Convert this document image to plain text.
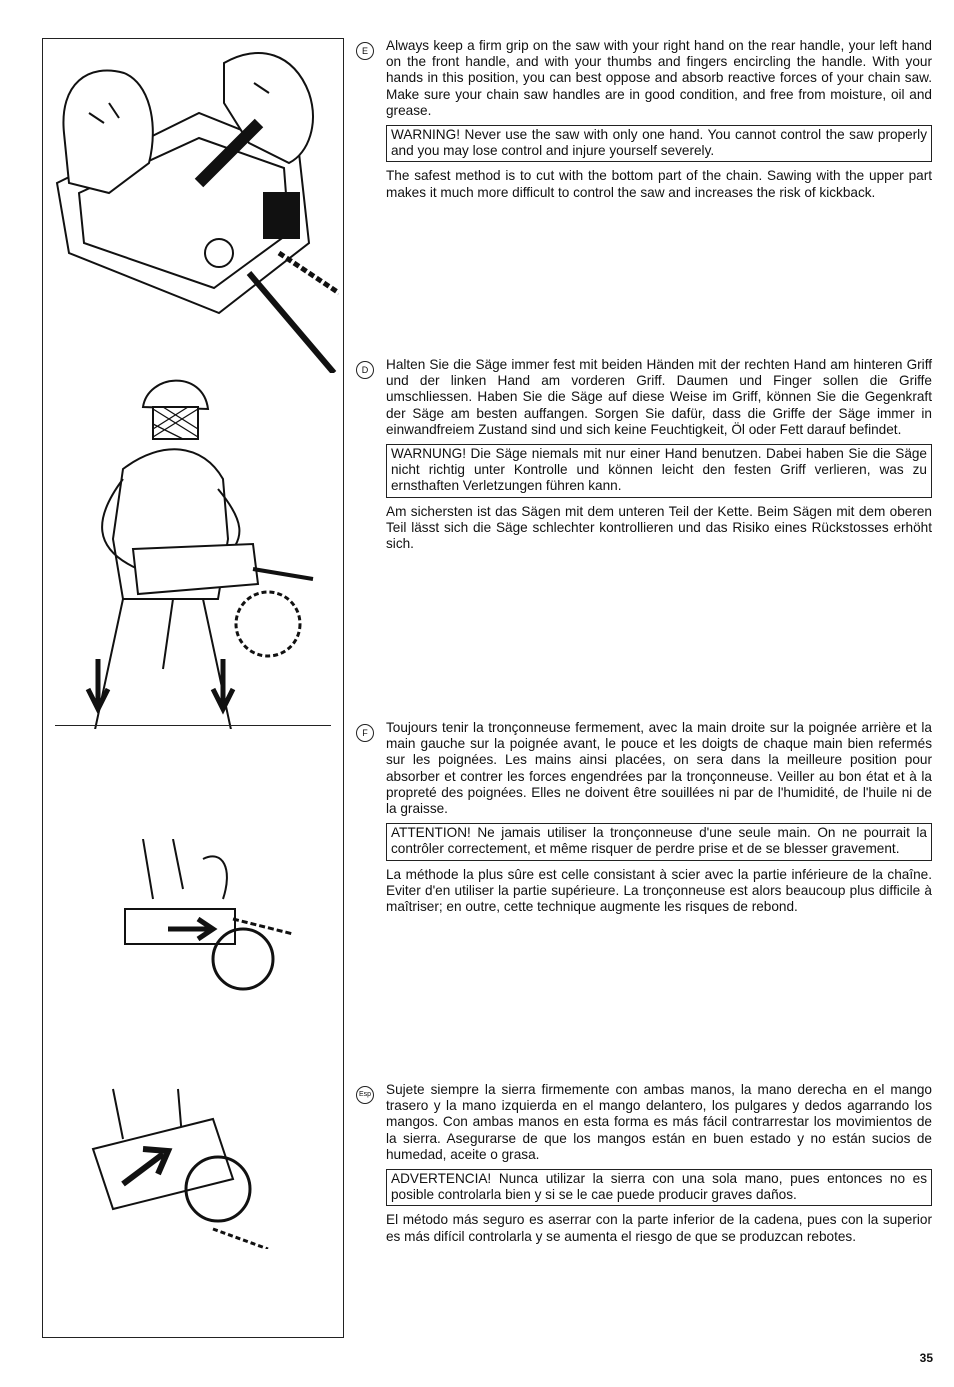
E	Always keep a firm grip on the saw with your right hand on the rear handle, your left hand on the front handle, and with your thumbs and fingers encircling the handle. With your hands in this position, you can best oppose and absorb reactive forces of your chain saw. Make sure your chain saw handles are in good condition, and free from moisture, oil and grease.

WARNING! Never use the saw with only one hand. You cannot control the saw properly and you may lose control and injure yourself severely.

The safest method is to cut with the bottom part of the chain. Sawing with the upper part makes it much more difficult to control the saw and increases the risk of kickback.

D	Halten Sie die Säge immer fest mit beiden Händen mit der rechten Hand am hinteren Griff und der linken Hand am vorderen Griff. Daumen und Finger sollen die Griffe umschliessen. Haben Sie die Säge auf diese Weise im Griff, können Sie die Gegenkraft der Säge am besten auffangen. Sorgen Sie dafür, dass die Griffe der Säge immer in einwandfreiem Zustand sind und sich keine Feuchtigkeit, Öl oder Fett darauf befindet.

WARNUNG! Die Säge niemals mit nur einer Hand benutzen. Dabei haben Sie die Säge nicht richtig unter Kontrolle und können leicht den festen Griff verlieren, was zu ernsthaften Verletzungen führen kann.

Am sichersten ist das Sägen mit dem unteren Teil der Kette. Beim Sägen mit dem oberen Teil lässt sich die Säge schlechter kontrollieren und das Risiko eines Rückstosses erhöht sich.

F	Toujours tenir la tronçonneuse fermement, avec la main droite sur la poignée arrière et la main gauche sur la poignée avant, le pouce et les doigts de chaque main bien refermés sur les poignées. Les mains ainsi placées, on sera dans la meilleure position pour absorber et contrer les forces engendrées par la tronçonneuse. Veiller au bon état et à la propreté des poignées. Elles ne doivent être souillées ni par de l'humidité, de l'huile ni de la graisse.

ATTENTION! Ne jamais utiliser la tronçonneuse d'une seule main. On ne pourrait la contrôler correctement, et même risquer de perdre prise et de se blesser gravement.

La méthode la plus sûre est celle consistant à scier avec la partie inférieure de la chaîne. Eviter d'en utiliser la partie supérieure. La tronçonneuse est alors beaucoup plus difficile à maîtriser; en outre, cette technique augmente les risques de rebond.

Esp Sujete siempre la sierra firmemente con ambas manos, la mano derecha en el mango trasero y la mano izquierda en el mango delantero, los pulgares y dedos agarrando los mangos. Con ambas manos en esta forma es más fácil contrarrestar los movimientos de la sierra. Asegurarse de que los mangos están en buen estado y no están sucios de humedad, aceite o grasa.

ADVERTENCIA! Nunca utilizar la sierra con una sola mano, pues entonces no es posible controlarla bien y si se le cae puede producir graves daños.

El método más seguro es aserrar con la parte inferior de la cadena, pues con la superior es más difícil controlarla y se aumenta el riesgo de que se produzcan rebotes.

35
